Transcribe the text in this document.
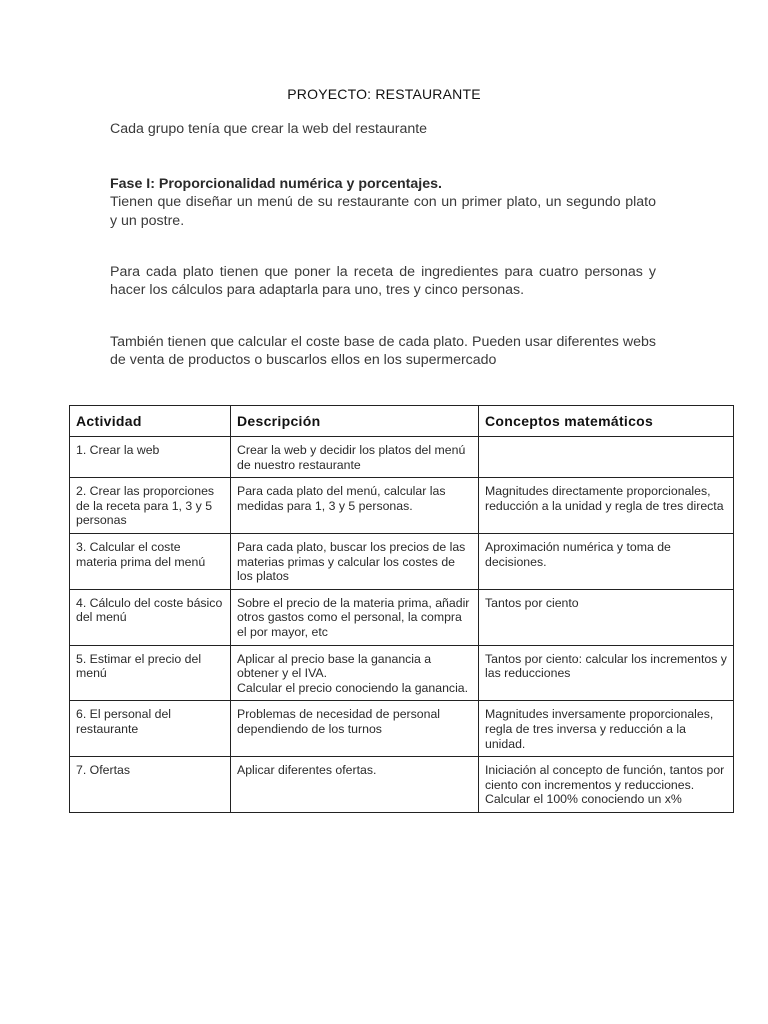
PROYECTO: RESTAURANTE

Cada grupo tenía que crear la web del restaurante

Fase I: Proporcionalidad numérica y porcentajes.
Tienen que diseñar un menú de su restaurante con un primer plato, un segundo plato y un postre.

Para cada plato tienen que poner la receta de ingredientes para cuatro personas y hacer los cálculos para adaptarla para uno, tres y cinco personas.

También tienen que calcular el coste base de cada plato. Pueden usar diferentes webs de venta de productos o buscarlos ellos en los supermercado

Actividad	Descripción	Conceptos matemáticos
1. Crear la web	Crear la web y decidir los platos del menú de nuestro restaurante	

2. Crear las proporciones de la receta para 1, 3 y 5 personas	Para cada plato del menú, calcular las medidas para 1, 3 y 5 personas.	Magnitudes directamente proporcionales, reducción a la unidad y regla de tres directa

3. Calcular el coste materia prima del menú	Para cada plato, buscar los precios de las materias primas y calcular los costes de los platos	Aproximación numérica y toma de decisiones.

4. Cálculo del coste básico del menú	Sobre el precio de la materia prima, añadir otros gastos como el personal, la compra el por mayor, etc	Tantos por ciento

5. Estimar el precio del menú	Aplicar al precio base la ganancia a obtener y el IVA.
Calcular el precio conociendo la ganancia.	Tantos por ciento: calcular los incrementos y las reducciones

6. El personal del restaurante	Problemas de necesidad de personal dependiendo de los turnos	Magnitudes inversamente proporcionales, regla de tres inversa y reducción a la unidad.

7. Ofertas	Aplicar diferentes ofertas.	Iniciación al concepto de función, tantos por ciento con incrementos y reducciones.
Calcular el 100% conociendo un x%
